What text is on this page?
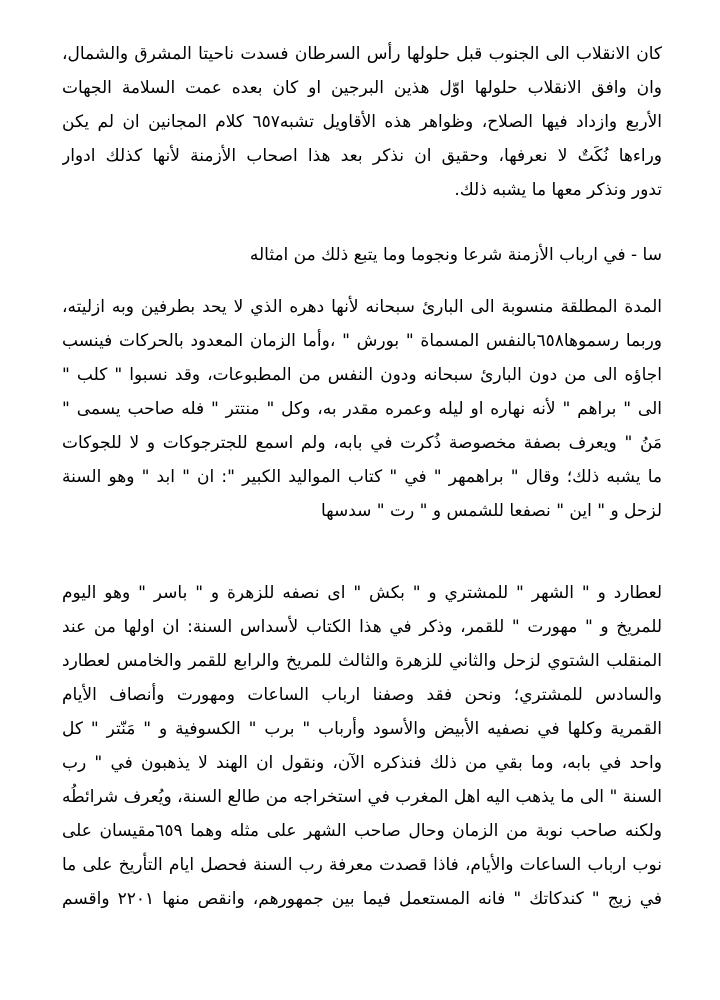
كان الانقلاب الى الجنوب قبل حلولها رأس السرطان فسدت ناحيتا المشرق والشمال،
وان وافق الانقلاب حلولها اوّل هذين البرجين او كان بعده عمت السلامة الجهات
الأربع وازداد فيها الصلاح، وظواهر هذه الأقاويل تشبه٦٥٧ كلام المجانين ان لم يكن
وراءها نُكَتٌ لا نعرفها، وحقيق ان نذكر بعد هذا اصحاب الأزمنة لأنها كذلك ادوار
تدور ونذكر معها ما يشبه ذلك.
سا - في ارباب الأزمنة شرعا ونجوما وما يتبع ذلك من امثاله
المدة المطلقة منسوبة الى البارئ سبحانه لأنها دهره الذي لا يحد بطرفين وبه ازليته،
وربما رسموها٦٥٨بالنفس المسماة " بورش " ،وأما الزمان المعدود بالحركات فينسب
اجاؤه الى من دون البارئ سبحانه ودون النفس من المطبوعات، وقد نسبوا " كلب "
الى " براهم " لأنه نهاره او ليله وعمره مقدر به، وكل " منتتر " فله صاحب يسمى "
مَنُ " ويعرف بصفة مخصوصة ذُكرت في بابه، ولم اسمع للجترجوكات و لا للجوكات
ما يشبه ذلك؛ وقال " براهمهر " في " كتاب المواليد الكبير ": ان " ابد " وهو السنة
لزحل و " اين " نصفعا للشمس و " رت " سدسها
لعطارد و " الشهر " للمشتري و " بكش " اى نصفه للزهرة و " باسر " وهو اليوم
للمريخ و " مهورت " للقمر، وذكر في هذا الكتاب لأسداس السنة: ان اولها من عند
المنقلب الشتوي لزحل والثاني للزهرة والثالث للمريخ والرابع للقمر والخامس لعطارد
والسادس للمشتري؛ ونحن فقد وصفنا ارباب الساعات ومهورت وأنصاف الأيام
القمرية وكلها في نصفيه الأبيض والأسود وأرباب " برب " الكسوفية و " مَنّتر " كل
واحد في بابه، وما بقي من ذلك فنذكره الآن، ونقول ان الهند لا يذهبون في " رب
السنة " الى ما يذهب اليه اهل المغرب في استخراجه من طالع السنة، ويُعرف شرائطُه
ولكنه صاحب نوبة من الزمان وحال صاحب الشهر على مثله وهما ٦٥٩مقيسان على
نوب ارباب الساعات والأيام، فاذا قصدت معرفة رب السنة فحصل ايام التأريخ على ما
في زيج " كندكاتك " فانه المستعمل فيما بين جمهورهم، وانقص منها ٢٢٠١ واقسم
